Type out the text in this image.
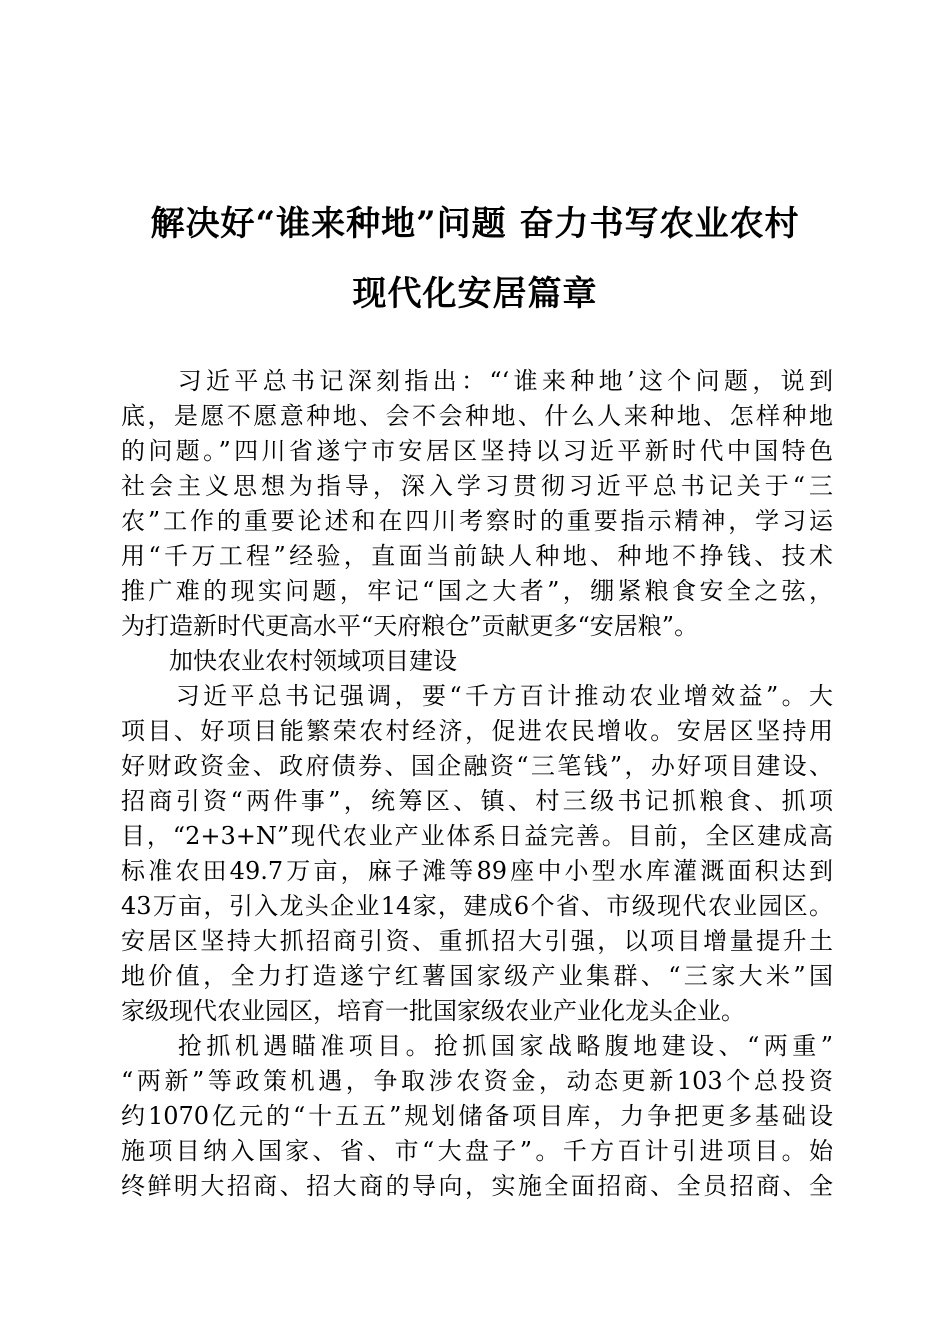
解决好“谁来种地”问题 奋力书写农业农村
现代化安居篇章
　　习近平总书记深刻指出：“‘谁来种地’这个问题，说到
底，是愿不愿意种地、会不会种地、什么人来种地、怎样种地
的问题。”四川省遂宁市安居区坚持以习近平新时代中国特色
社会主义思想为指导，深入学习贯彻习近平总书记关于“三
农”工作的重要论述和在四川考察时的重要指示精神，学习运
用“千万工程”经验，直面当前缺人种地、种地不挣钱、技术
推广难的现实问题，牢记“国之大者”，绷紧粮食安全之弦，
为打造新时代更高水平“天府粮仓”贡献更多“安居粮”。
加快农业农村领域项目建设
　　习近平总书记强调，要“千方百计推动农业增效益”。大
项目、好项目能繁荣农村经济，促进农民增收。安居区坚持用
好财政资金、政府债券、国企融资“三笔钱”，办好项目建设、
招商引资“两件事”，统筹区、镇、村三级书记抓粮食、抓项
目，“2+3+N”现代农业产业体系日益完善。目前，全区建成高
标准农田49.7万亩，麻子滩等89座中小型水库灌溉面积达到
43万亩，引入龙头企业14家，建成6个省、市级现代农业园区。
安居区坚持大抓招商引资、重抓招大引强，以项目增量提升土
地价值，全力打造遂宁红薯国家级产业集群、“三家大米”国
家级现代农业园区，培育一批国家级农业产业化龙头企业。
　　抢抓机遇瞄准项目。抢抓国家战略腹地建设、“两重”
“两新”等政策机遇，争取涉农资金，动态更新103个总投资
约1070亿元的“十五五”规划储备项目库，力争把更多基础设
施项目纳入国家、省、市“大盘子”。千方百计引进项目。始
终鲜明大招商、招大商的导向，实施全面招商、全员招商、全
